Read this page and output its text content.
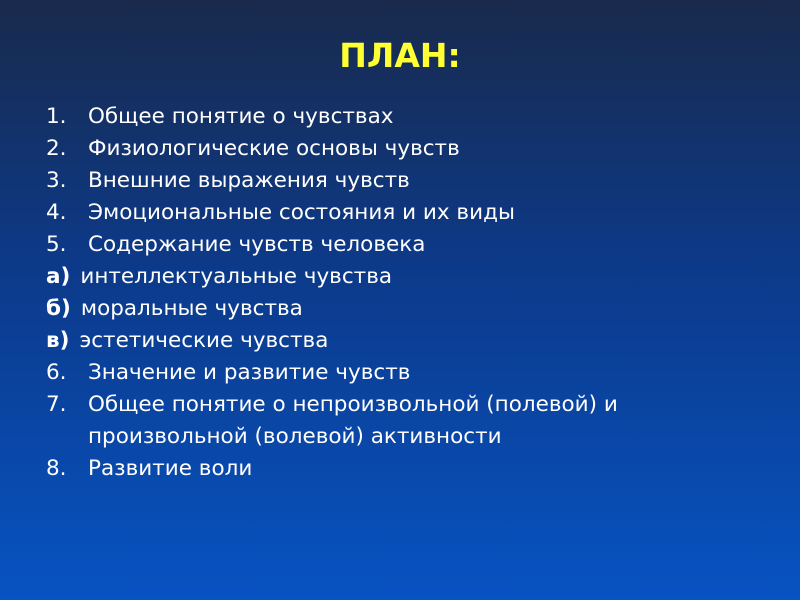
ПЛАН:
1. Общее понятие о чувствах
2. Физиологические основы чувств
3. Внешние выражения чувств
4. Эмоциональные состояния и их виды
5. Содержание чувств человека
а) интеллектуальные чувства
б) моральные чувства
в) эстетические чувства
6. Значение и развитие чувств
7. Общее понятие о непроизвольной (полевой) и произвольной (волевой) активности
8. Развитие воли
